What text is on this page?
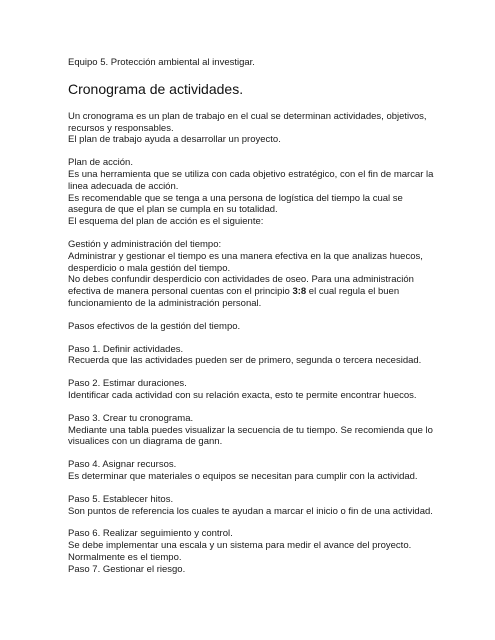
Equipo 5. Protección ambiental al investigar.
Cronograma de actividades.

Un cronograma es un plan de trabajo en el cual se determinan actividades, objetivos, recursos y responsables.

El plan de trabajo ayuda a desarrollar un proyecto.

Plan de acción.

Es una herramienta que se utiliza con cada objetivo estratégico, con el fin de marcar la linea adecuada de acción.

Es recomendable que se tenga a una persona de logística del tiempo la cual se asegura de que el plan se cumpla en su totalidad.

El esquema del plan de acción es el siguiente:

Gestión y administración del tiempo:

Administrar y gestionar el tiempo es una manera efectiva en la que analizas huecos, desperdicio o mala gestión del tiempo.

No debes confundir desperdicio con actividades de oseo. Para una administración efectiva de manera personal cuentas con el principio 3:8 el cual regula el buen funcionamiento de la administración personal.

Pasos efectivos de la gestión del tiempo.

Paso 1. Definir actividades.

Recuerda que las actividades pueden ser de primero, segunda o tercera necesidad.

Paso 2. Estimar duraciones.

Identificar cada actividad con su relación exacta, esto te permite encontrar huecos.

Paso 3. Crear tu cronograma.

Mediante una tabla puedes visualizar la secuencia de tu tiempo. Se recomienda que lo visualices con un diagrama de gann.

Paso 4. Asignar recursos.

Es determinar que materiales o equipos se necesitan para cumplir con la actividad.

Paso 5. Establecer hitos.

Son puntos de referencia los cuales te ayudan a marcar el inicio o fin de una actividad.

Paso 6. Realizar seguimiento y control.

Se debe implementar una escala y un sistema para medir el avance del proyecto.

Normalmente es el tiempo.

Paso 7. Gestionar el riesgo.
